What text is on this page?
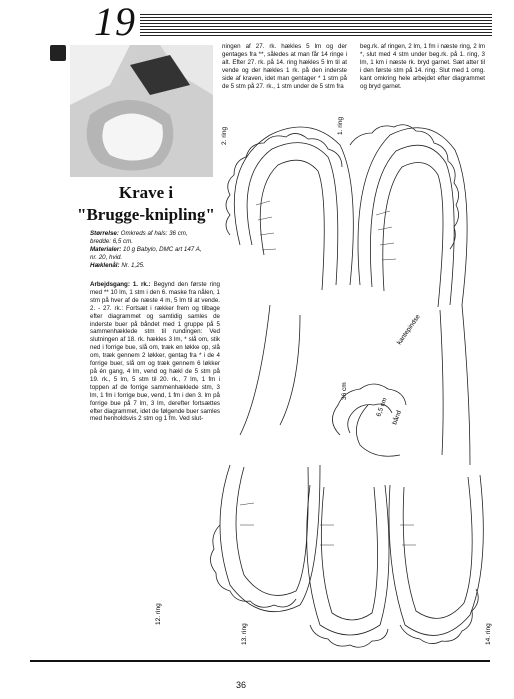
19
Krave i
"Brugge-knipling"
Størrelse: Omkreds af hals: 36 cm, bredde: 6,5 cm.
Materialer: 10 g Babylo, DMC art 147 A, nr. 20, hvid.
Hæklenål: Nr. 1,25.
Arbejdsgang: 1. rk.: Begynd den første ring med ** 10 lm, 1 stm i den 6. maske fra nålen, 1 stm på hver af de næste 4 m, 5 lm til at vende. 2. - 27. rk.: Fortsæt i rækker frem og tilbage efter diagrammet og samtidig samles de inderste buer på båndet med 1 gruppe på 5 sammenhæklede stm til rundingen: Ved slutningen af 18. rk. hækles 3 lm, * slå om, stik ned i forrige bue, slå om, træk en løkke op, slå om, træk gennem 2 løkker, gentag fra * i de 4 forrige buer, slå om og træk gennem 6 løkker på én gang, 4 lm, vend og hækl de 5 stm på 19. rk., 5 lm, 5 stm til 20. rk., 7 lm, 1 fm i toppen af de forrige sammenhæklede stm, 3 lm, 1 fm i forrige bue, vend, 1 fm i den 3. lm på forrige bue på 7 lm, 3 lm, derefter fortsættes efter diagrammet, idet de følgende buer samles med henholdsvis 2 stm og 1 fm. Ved slut-
ningen af 27. rk. hækles 5 lm og der gentages fra **, således at man får 14 ringe i alt. Efter 27. rk. på 14. ring hækles 5 lm til at vende og der hækles 1 rk. på den inderste side af kraven, idet man gentager * 1 stm på de 5 stm på 27. rk., 1 stm under de 5 stm fra
beg.rk. af ringen, 2 lm, 1 fm i næste ring, 2 lm *, slut med 4 stm under beg.rk. på 1. ring, 3 lm, 1 km i næste rk. bryd garnet. Sæt atter til i den første stm på 14. ring. Slut med 1 omg. kant omkring hele arbejdet efter diagrammet og bryd garnet.
2. ring
1. ring
12. ring
13. ring	14. ring
36 cm
6,5 cm
bånd
kantepindse
36
